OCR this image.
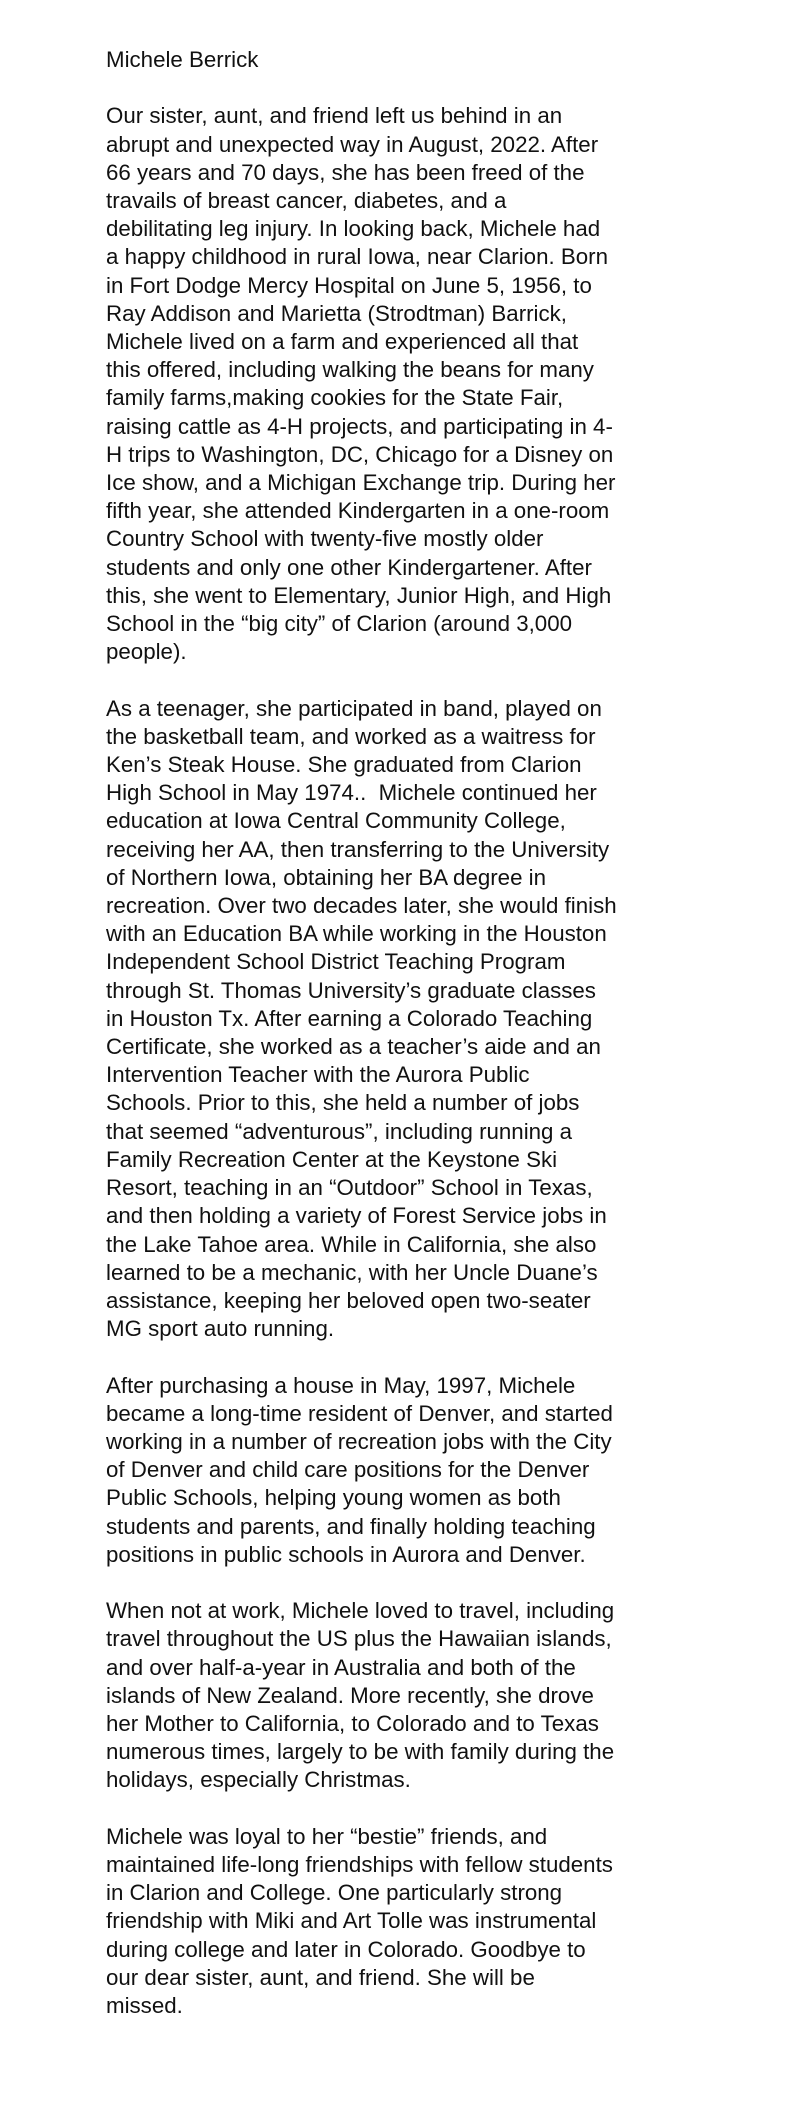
Michele Berrick

Our sister, aunt, and friend left us behind in an
abrupt and unexpected way in August, 2022. After
66 years and 70 days, she has been freed of the
travails of breast cancer, diabetes, and a
debilitating leg injury. In looking back, Michele had
a happy childhood in rural Iowa, near Clarion. Born
in Fort Dodge Mercy Hospital on June 5, 1956, to
Ray Addison and Marietta (Strodtman) Barrick,
Michele lived on a farm and experienced all that
this offered, including walking the beans for many
family farms,making cookies for the State Fair,
raising cattle as 4-H projects, and participating in 4-
H trips to Washington, DC, Chicago for a Disney on
Ice show, and a Michigan Exchange trip. During her
fifth year, she attended Kindergarten in a one-room
Country School with twenty-five mostly older
students and only one other Kindergartener. After
this, she went to Elementary, Junior High, and High
School in the “big city” of Clarion (around 3,000
people).

As a teenager, she participated in band, played on
the basketball team, and worked as a waitress for
Ken’s Steak House. She graduated from Clarion
High School in May 1974..  Michele continued her
education at Iowa Central Community College,
receiving her AA, then transferring to the University
of Northern Iowa, obtaining her BA degree in
recreation. Over two decades later, she would finish
with an Education BA while working in the Houston
Independent School District Teaching Program
through St. Thomas University’s graduate classes
in Houston Tx. After earning a Colorado Teaching
Certificate, she worked as a teacher’s aide and an
Intervention Teacher with the Aurora Public
Schools. Prior to this, she held a number of jobs
that seemed “adventurous”, including running a
Family Recreation Center at the Keystone Ski
Resort, teaching in an “Outdoor” School in Texas,
and then holding a variety of Forest Service jobs in
the Lake Tahoe area. While in California, she also
learned to be a mechanic, with her Uncle Duane’s
assistance, keeping her beloved open two-seater
MG sport auto running.

After purchasing a house in May, 1997, Michele
became a long-time resident of Denver, and started
working in a number of recreation jobs with the City
of Denver and child care positions for the Denver
Public Schools, helping young women as both
students and parents, and finally holding teaching
positions in public schools in Aurora and Denver.

When not at work, Michele loved to travel, including
travel throughout the US plus the Hawaiian islands,
and over half-a-year in Australia and both of the
islands of New Zealand. More recently, she drove
her Mother to California, to Colorado and to Texas
numerous times, largely to be with family during the
holidays, especially Christmas.

Michele was loyal to her “bestie” friends, and
maintained life-long friendships with fellow students
in Clarion and College. One particularly strong
friendship with Miki and Art Tolle was instrumental
during college and later in Colorado. Goodbye to
our dear sister, aunt, and friend. She will be
missed.
